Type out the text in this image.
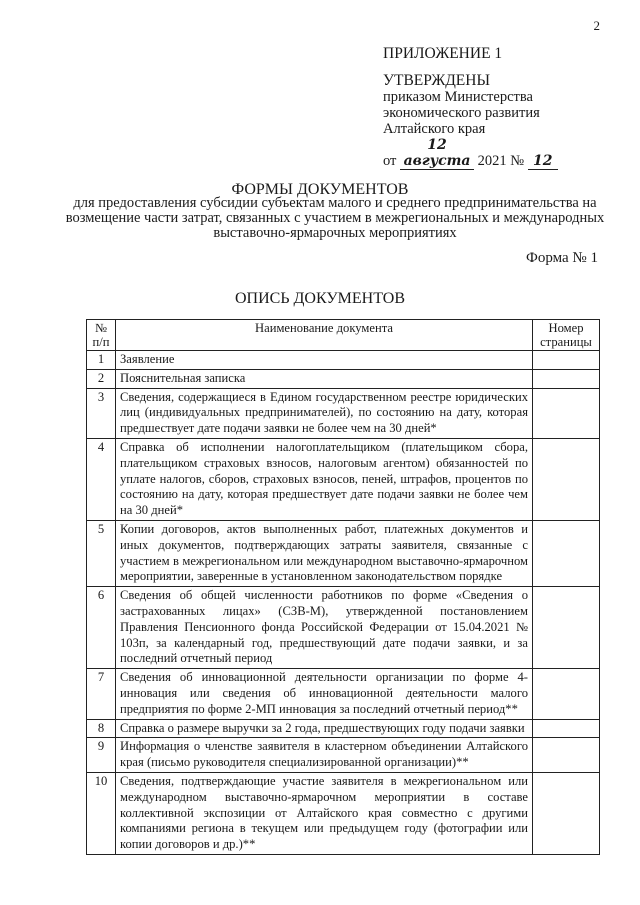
2
ПРИЛОЖЕНИЕ 1
УТВЕРЖДЕНЫ
приказом Министерства
экономического развития
Алтайского края
от 12 августа 2021 № 12
ФОРМЫ ДОКУМЕНТОВ
для предоставления субсидии субъектам малого и среднего предпринимательства на возмещение части затрат, связанных с участием в межрегиональных и международных выставочно-ярмарочных мероприятиях
Форма № 1
ОПИСЬ ДОКУМЕНТОВ
№ п/п	Наименование документа	Номер страницы
1	Заявление	
2	Пояснительная записка	
3	Сведения, содержащиеся в Едином государственном реестре юридических лиц (индивидуальных предпринимателей), по состоянию на дату, которая предшествует дате подачи заявки не более чем на 30 дней*	
4	Справка об исполнении налогоплательщиком (плательщиком сбора, плательщиком страховых взносов, налоговым агентом) обязанностей по уплате налогов, сборов, страховых взносов, пеней, штрафов, процентов по состоянию на дату, которая предшествует дате подачи заявки не более чем на 30 дней*	
5	Копии договоров, актов выполненных работ, платежных документов и иных документов, подтверждающих затраты заявителя, связанные с участием в межрегиональном или международном выставочно-ярмарочном мероприятии, заверенные в установленном законодательством порядке	
6	Сведения об общей численности работников по форме «Сведения о застрахованных лицах» (СЗВ-М), утвержденной постановлением Правления Пенсионного фонда Российской Федерации от 15.04.2021 № 103п, за календарный год, предшествующий дате подачи заявки, и за последний отчетный период	
7	Сведения об инновационной деятельности организации по форме 4-инновация или сведения об инновационной деятельности малого предприятия по форме 2-МП инновация за последний отчетный период**	
8	Справка о размере выручки за 2 года, предшествующих году подачи заявки	
9	Информация о членстве заявителя в кластерном объединении Алтайского края (письмо руководителя специализированной организации)**	
10	Сведения, подтверждающие участие заявителя в межрегиональном или международном выставочно-ярмарочном мероприятии в составе коллективной экспозиции от Алтайского края совместно с другими компаниями региона в текущем или предыдущем году (фотографии или копии договоров и др.)**	
